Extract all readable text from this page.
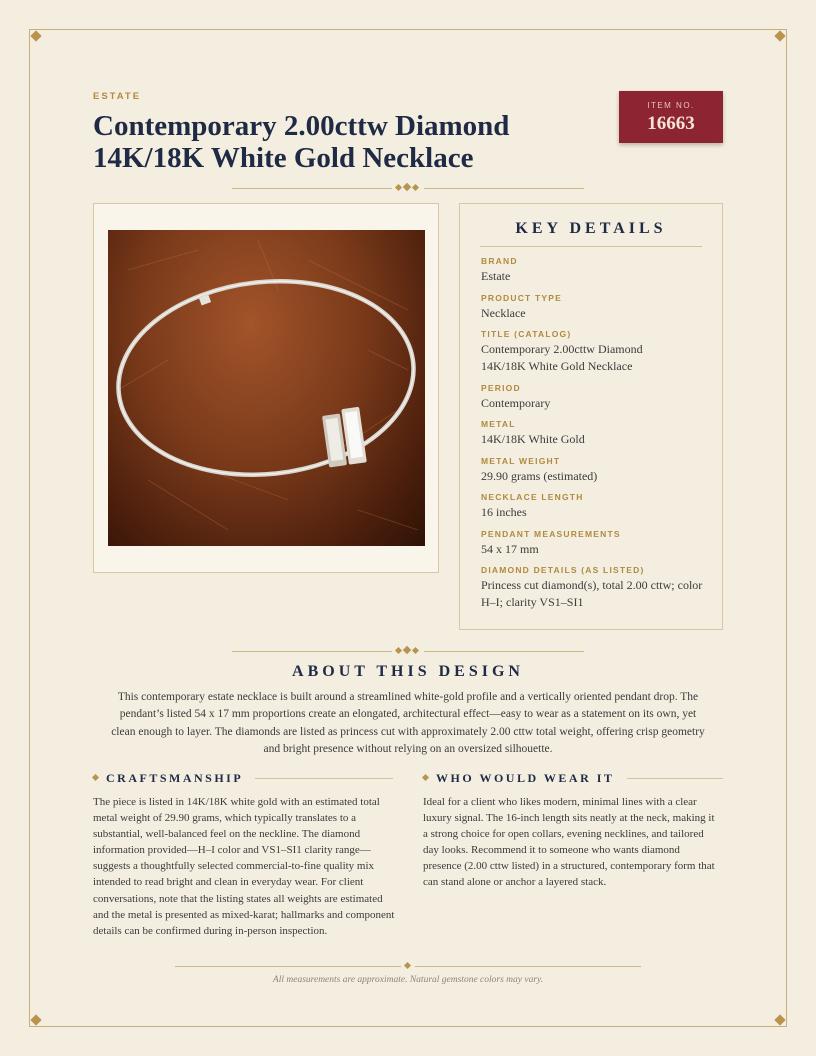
ESTATE
Contemporary 2.00cttw Diamond 14K/18K White Gold Necklace
ITEM NO.
16663
KEY DETAILS
BRAND
Estate
PRODUCT TYPE
Necklace
TITLE (CATALOG)
Contemporary 2.00cttw Diamond 14K/18K White Gold Necklace
PERIOD
Contemporary
METAL
14K/18K White Gold
METAL WEIGHT
29.90 grams (estimated)
NECKLACE LENGTH
16 inches
PENDANT MEASUREMENTS
54 x 17 mm
DIAMOND DETAILS (AS LISTED)
Princess cut diamond(s), total 2.00 cttw; color H–I; clarity VS1–SI1
ABOUT THIS DESIGN
This contemporary estate necklace is built around a streamlined white-gold profile and a vertically oriented pendant drop. The pendant’s listed 54 x 17 mm proportions create an elongated, architectural effect—easy to wear as a statement on its own, yet clean enough to layer. The diamonds are listed as princess cut with approximately 2.00 cttw total weight, offering crisp geometry and bright presence without relying on an oversized silhouette.
CRAFTSMANSHIP
The piece is listed in 14K/18K white gold with an estimated total metal weight of 29.90 grams, which typically translates to a substantial, well-balanced feel on the neckline. The diamond information provided—H–I color and VS1–SI1 clarity range—suggests a thoughtfully selected commercial-to-fine quality mix intended to read bright and clean in everyday wear. For client conversations, note that the listing states all weights are estimated and the metal is presented as mixed-karat; hallmarks and component details can be confirmed during in-person inspection.
WHO WOULD WEAR IT
Ideal for a client who likes modern, minimal lines with a clear luxury signal. The 16-inch length sits neatly at the neck, making it a strong choice for open collars, evening necklines, and tailored day looks. Recommend it to someone who wants diamond presence (2.00 cttw listed) in a structured, contemporary form that can stand alone or anchor a layered stack.
All measurements are approximate. Natural gemstone colors may vary.
